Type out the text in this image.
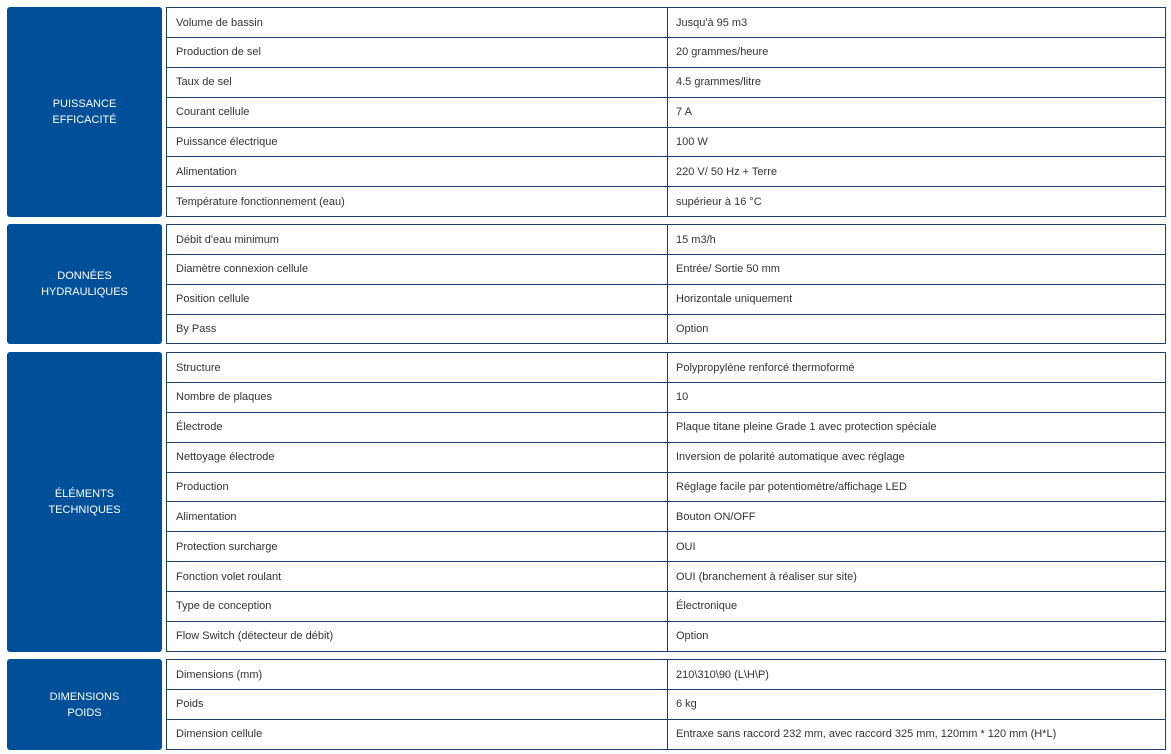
PUISSANCE
EFFICACITÉ
Volume de bassin	Jusqu'à 95 m3
Production de sel	20 grammes/heure
Taux de sel	4.5 grammes/litre
Courant cellule	7 A
Puissance électrique	100 W
Alimentation	220 V/ 50 Hz + Terre
Température fonctionnement (eau)	supérieur à 16 °C
DONNÉES
HYDRAULIQUES
Débit d'eau minimum	15 m3/h
Diamètre connexion cellule	Entrée/ Sortie 50 mm
Position cellule	Horizontale uniquement
By Pass	Option
ÉLÉMENTS
TECHNIQUES
Structure	Polypropylène renforcé thermoformé
Nombre de plaques	10
Électrode	Plaque titane pleine Grade 1 avec protection spéciale
Nettoyage électrode	Inversion de polarité automatique avec réglage
Production	Réglage facile par potentiomètre/affichage LED
Alimentation	Bouton ON/OFF
Protection surcharge	OUI
Fonction volet roulant	OUI (branchement à réaliser sur site)
Type de conception	Électronique
Flow Switch (détecteur de débit)	Option
DIMENSIONS
POIDS
Dimensions (mm)	210\310\90 (L\H\P)
Poids	6 kg
Dimension cellule	Entraxe sans raccord 232 mm, avec raccord 325 mm, 120mm * 120 mm (H*L)
